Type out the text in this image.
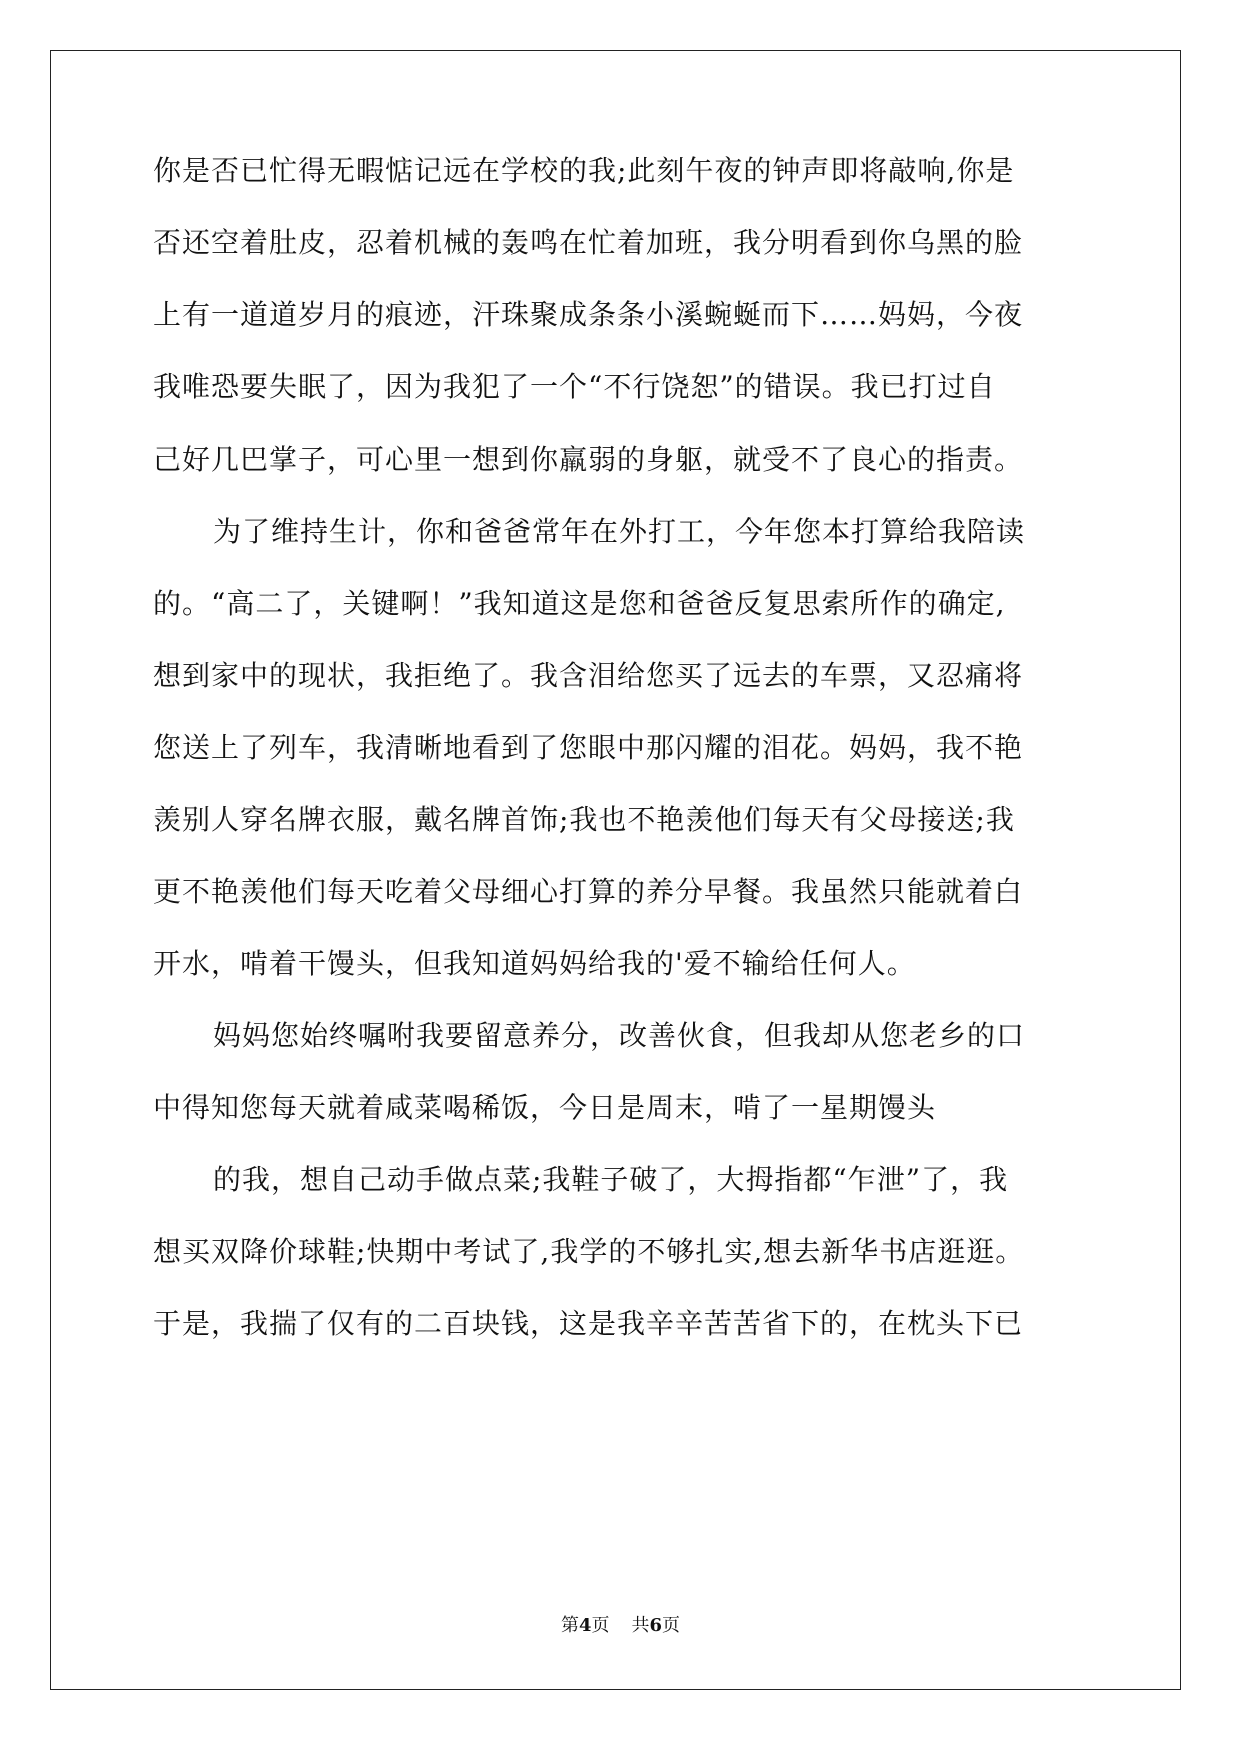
你是否已忙得无暇惦记远在学校的我;此刻午夜的钟声即将敲响,你是
否还空着肚皮，忍着机械的轰鸣在忙着加班，我分明看到你乌黑的脸
上有一道道岁月的痕迹，汗珠聚成条条小溪蜿蜒而下……妈妈，今夜
我唯恐要失眠了，因为我犯了一个“不行饶恕”的错误。我已打过自
己好几巴掌子，可心里一想到你羸弱的身躯，就受不了良心的指责。
为了维持生计，你和爸爸常年在外打工，今年您本打算给我陪读
的。“高二了，关键啊！”我知道这是您和爸爸反复思索所作的确定,
想到家中的现状，我拒绝了。我含泪给您买了远去的车票，又忍痛将
您送上了列车，我清晰地看到了您眼中那闪耀的泪花。妈妈，我不艳
羡别人穿名牌衣服，戴名牌首饰;我也不艳羡他们每天有父母接送;我
更不艳羡他们每天吃着父母细心打算的养分早餐。我虽然只能就着白
开水，啃着干馒头，但我知道妈妈给我的'爱不输给任何人。
妈妈您始终嘱咐我要留意养分，改善伙食，但我却从您老乡的口
中得知您每天就着咸菜喝稀饭，今日是周末，啃了一星期馒头
的我，想自己动手做点菜;我鞋子破了，大拇指都“乍泄”了，我
想买双降价球鞋;快期中考试了,我学的不够扎实,想去新华书店逛逛。
于是，我揣了仅有的二百块钱，这是我辛辛苦苦省下的，在枕头下已
第4页 共6页
